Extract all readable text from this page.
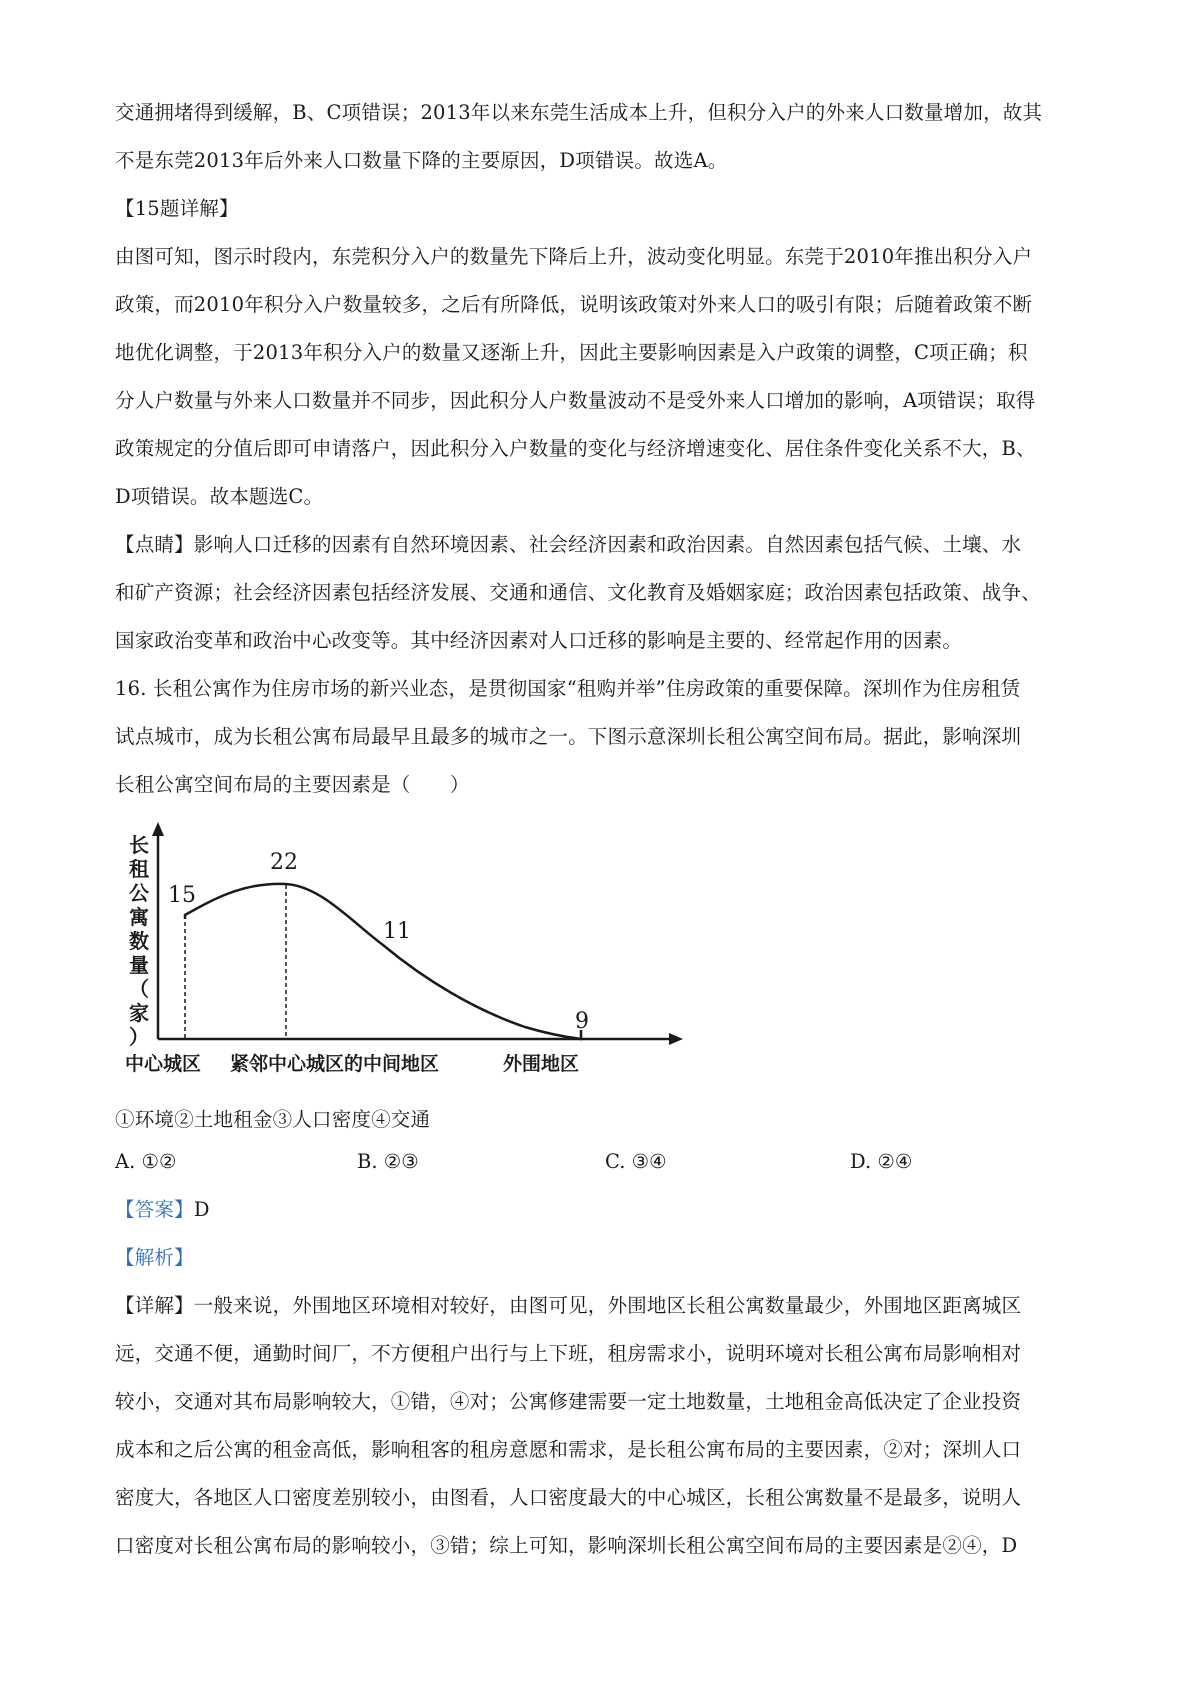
交通拥堵得到缓解，B、C项错误；2013年以来东莞生活成本上升，但积分入户的外来人口数量增加，故其
不是东莞2013年后外来人口数量下降的主要原因，D项错误。故选A。
【15题详解】
由图可知，图示时段内，东莞积分入户的数量先下降后上升，波动变化明显。东莞于2010年推出积分入户
政策，而2010年积分入户数量较多，之后有所降低，说明该政策对外来人口的吸引有限；后随着政策不断
地优化调整，于2013年积分入户的数量又逐渐上升，因此主要影响因素是入户政策的调整，C项正确；积
分人户数量与外来人口数量并不同步，因此积分人户数量波动不是受外来人口增加的影响，A项错误；取得
政策规定的分值后即可申请落户，因此积分入户数量的变化与经济增速变化、居住条件变化关系不大，B、
D项错误。故本题选C。
【点睛】影响人口迁移的因素有自然环境因素、社会经济因素和政治因素。自然因素包括气候、土壤、水
和矿产资源；社会经济因素包括经济发展、交通和通信、文化教育及婚姻家庭；政治因素包括政策、战争、
国家政治变革和政治中心改变等。其中经济因素对人口迁移的影响是主要的、经常起作用的因素。
16. 长租公寓作为住房市场的新兴业态，是贯彻国家“租购并举”住房政策的重要保障。深圳作为住房租赁
试点城市，成为长租公寓布局最早且最多的城市之一。下图示意深圳长租公寓空间布局。据此，影响深圳
长租公寓空间布局的主要因素是（　　）
长
租
公
寓
数
量
（
家
）
15
22
11
9
中心城区 紧邻中心城区的中间地区	外围地区
①环境②土地租金③人口密度④交通
A. ①②	B. ②③	C. ③④	D. ②④
【答案】D
【解析】
【详解】一般来说，外围地区环境相对较好，由图可见，外围地区长租公寓数量最少，外围地区距离城区
远，交通不便，通勤时间厂，不方便租户出行与上下班，租房需求小，说明环境对长租公寓布局影响相对
较小，交通对其布局影响较大，①错，④对；公寓修建需要一定土地数量，土地租金高低决定了企业投资
成本和之后公寓的租金高低，影响租客的租房意愿和需求，是长租公寓布局的主要因素，②对；深圳人口
密度大，各地区人口密度差别较小，由图看，人口密度最大的中心城区，长租公寓数量不是最多，说明人
口密度对长租公寓布局的影响较小，③错；综上可知，影响深圳长租公寓空间布局的主要因素是②④，D
